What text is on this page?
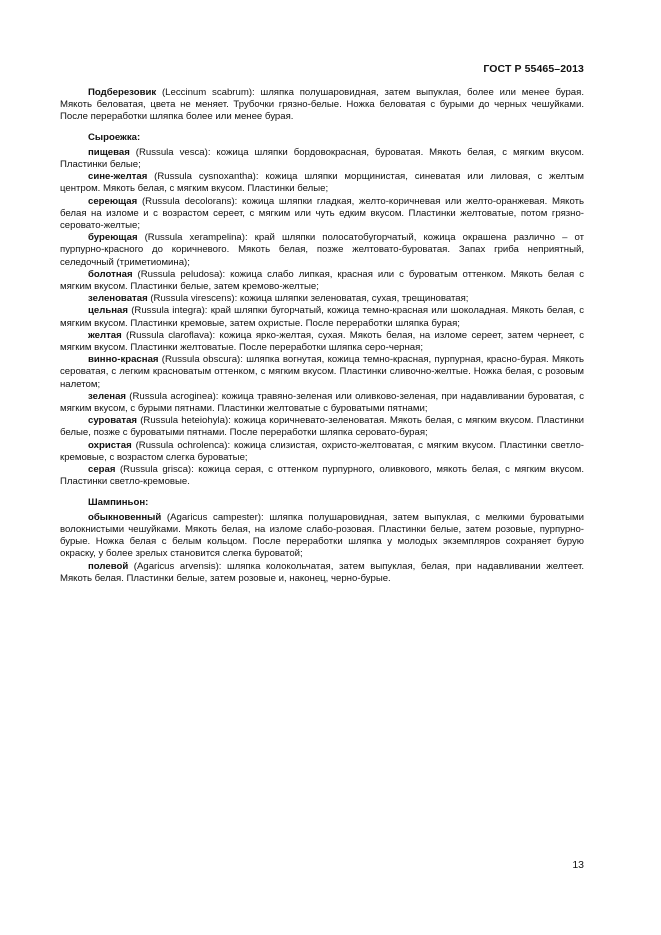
ГОСТ Р 55465–2013

Подберезовик (Leccinum scabrum): шляпка полушаровидная, затем выпуклая, более или менее бурая. Мякоть беловатая, цвета не меняет. Трубочки грязно-белые. Ножка беловатая с бурыми до черных чешуйками. После переработки шляпка более или менее бурая.

Сыроежка:

пищевая (Russula vesca): кожица шляпки бордовокрасная, буроватая. Мякоть белая, с мягким вкусом. Пластинки белые;

сине-желтая (Russula cysnoxantha): кожица шляпки морщинистая, синеватая или лиловая, с желтым центром. Мякоть белая, с мягким вкусом. Пластинки белые;

сереющая (Russula decolorans): кожица шляпки гладкая, желто-коричневая или желто-оранжевая. Мякоть белая на изломе и с возрастом сереет, с мягким или чуть едким вкусом. Пластинки желтоватые, потом грязно-серовато-желтые;

буреющая (Russula xerampelina): край шляпки полосатобугорчатый, кожица окрашена различно – от пурпурно-красного до коричневого. Мякоть белая, позже желтовато-буроватая. Запах гриба неприятный, селедочный (триметиомина);

болотная (Russula peludosa): кожица слабо липкая, красная или с буроватым оттенком. Мякоть белая с мягким вкусом. Пластинки белые, затем кремово-желтые;

зеленоватая (Russula virescens): кожица шляпки зеленоватая, сухая, трещиноватая;

цельная (Russula integra): край шляпки бугорчатый, кожица темно-красная или шоколадная. Мякоть белая, с мягким вкусом. Пластинки кремовые, затем охристые. После переработки шляпка бурая;

желтая (Russula claroflava): кожица ярко-желтая, сухая. Мякоть белая, на изломе сереет, затем чернеет, с мягким вкусом. Пластинки желтоватые. После переработки шляпка серо-черная;

винно-красная (Russula obscura): шляпка вогнутая, кожица темно-красная, пурпурная, красно-бурая. Мякоть сероватая, с легким красноватым оттенком, с мягким вкусом. Пластинки сливочно-желтые. Ножка белая, с розовым налетом;

зеленая (Russula acroginea): кожица травяно-зеленая или оливково-зеленая, при надавливании буроватая, с мягким вкусом, с бурыми пятнами. Пластинки желтоватые с буроватыми пятнами;

суроватая (Russula heteiohyla): кожица коричневато-зеленоватая. Мякоть белая, с мягким вкусом. Пластинки белые, позже с буроватыми пятнами. После переработки шляпка серовато-бурая;

охристая (Russula ochrolenca): кожица слизистая, охристо-желтоватая, с мягким вкусом. Пластинки светло-кремовые, с возрастом слегка буроватые;

серая (Russula grisca): кожица серая, с оттенком пурпурного, оливкового, мякоть белая, с мягким вкусом. Пластинки светло-кремовые.

Шампиньон:

обыкновенный (Agaricus campester): шляпка полушаровидная, затем выпуклая, с мелкими буроватыми волокнистыми чешуйками. Мякоть белая, на изломе слабо-розовая. Пластинки белые, затем розовые, пурпурно-бурые. Ножка белая с белым кольцом. После переработки шляпка у молодых экземпляров сохраняет бурую окраску, у более зрелых становится слегка буроватой;

полевой (Agaricus arvensis): шляпка колокольчатая, затем выпуклая, белая, при надавливании желтеет. Мякоть белая. Пластинки белые, затем розовые и, наконец, черно-бурые.

13
